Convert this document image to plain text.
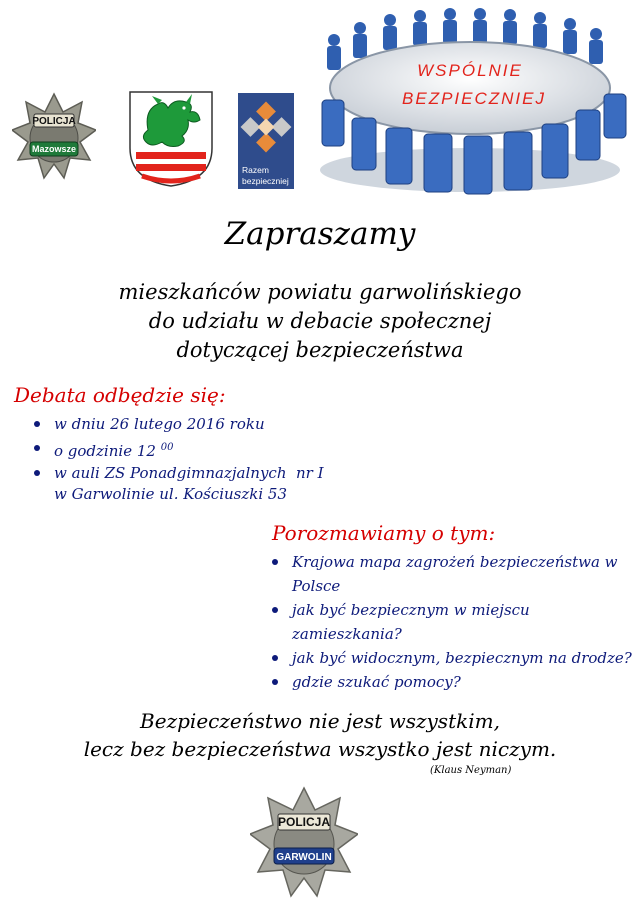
POLICJA
Mazowsze
Razem
bezpieczniej
WSPÓLNIE
BEZPIECZNIEJ
Zapraszamy
mieszkańców powiatu garwolińskiego
do udziału w debacie społecznej
dotyczącej bezpieczeństwa
Debata odbędzie się:
w dniu 26 lutego 2016 roku
o godzinie 12 $^{00}$
w auli ZS Ponadgimnazjalnych  nr I
w Garwolinie ul. Kościuszki 53
Porozmawiamy o tym:
Krajowa mapa zagrożeń bezpieczeństwa w Polsce
jak być bezpiecznym w miejscu zamieszkania?
jak być widocznym, bezpiecznym na drodze?
gdzie szukać pomocy?
Bezpieczeństwo nie jest wszystkim,
lecz bez bezpieczeństwa wszystko jest niczym.
(Klaus Neyman)
POLICJA
GARWOLIN
